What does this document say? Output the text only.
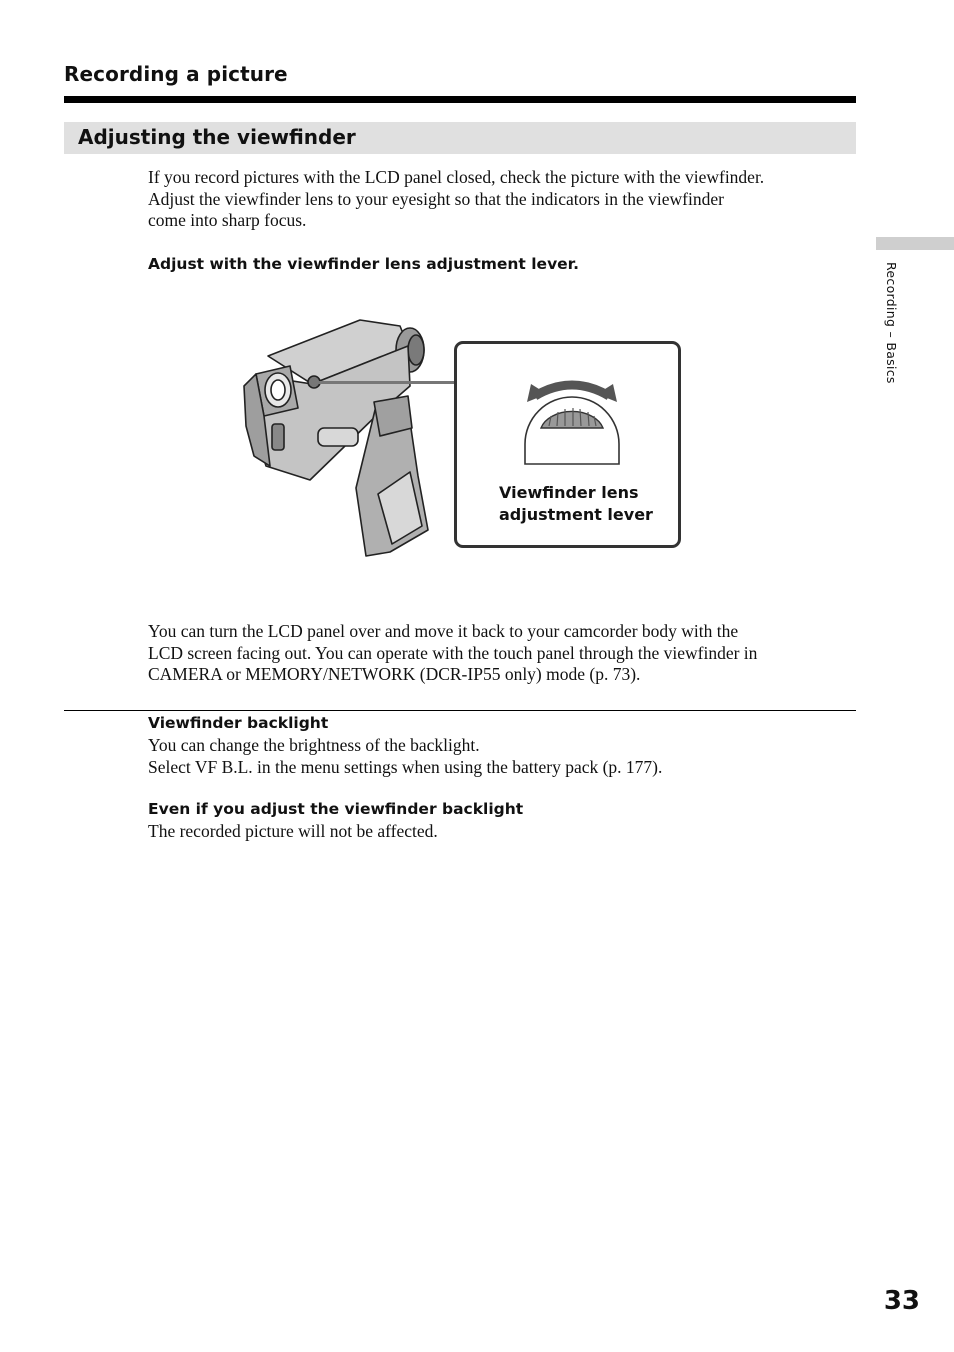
Recording a picture
Adjusting the viewfinder
If you record pictures with the LCD panel closed, check the picture with the viewfinder.
Adjust the viewfinder lens to your eyesight so that the indicators in the viewfinder
come into sharp focus.
Adjust with the viewfinder lens adjustment lever.
Viewfinder lens
adjustment lever
You can turn the LCD panel over and move it back to your camcorder body with the
LCD screen facing out. You can operate with the touch panel through the viewfinder in
CAMERA or MEMORY/NETWORK (DCR-IP55 only) mode (p. 73).
Viewfinder backlight
You can change the brightness of the backlight.
Select VF B.L. in the menu settings when using the battery pack (p. 177).
Even if you adjust the viewfinder backlight
The recorded picture will not be affected.
Recording – Basics
33
